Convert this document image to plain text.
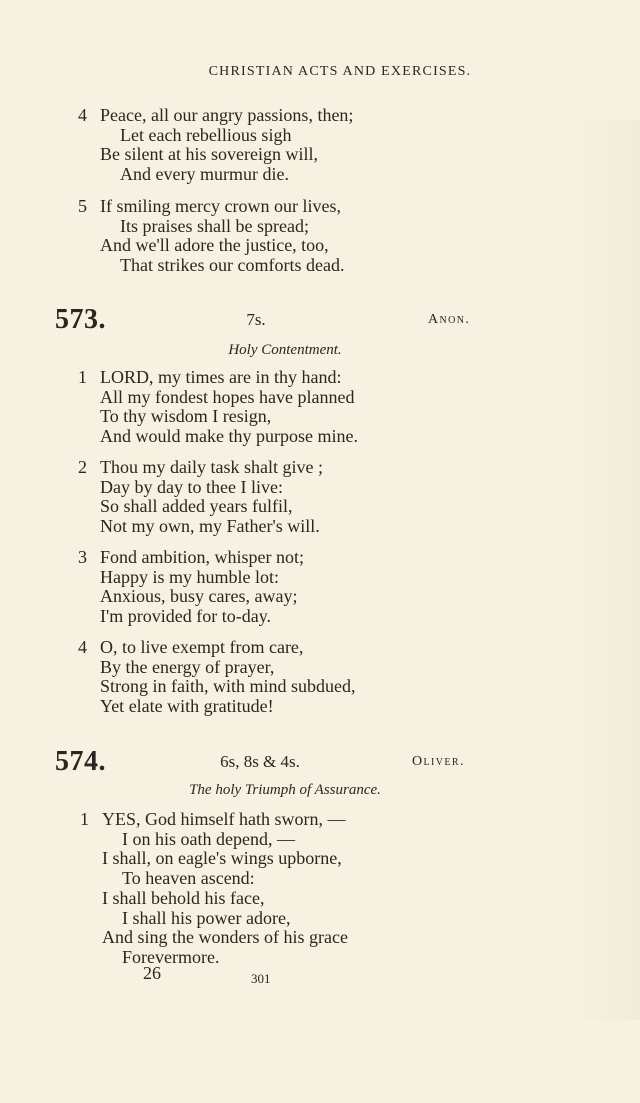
CHRISTIAN ACTS AND EXERCISES.
4 Peace, all our angry passions, then;
Let each rebellious sigh
Be silent at his sovereign will,
And every murmur die.
5 If smiling mercy crown our lives,
Its praises shall be spread;
And we'll adore the justice, too,
That strikes our comforts dead.
573.	7s.	Anon.
Holy Contentment.
1 LORD, my times are in thy hand:
All my fondest hopes have planned
To thy wisdom I resign,
And would make thy purpose mine.
2 Thou my daily task shalt give ;
Day by day to thee I live:
So shall added years fulfil,
Not my own, my Father's will.
3 Fond ambition, whisper not;
Happy is my humble lot:
Anxious, busy cares, away;
I'm provided for to-day.
4 O, to live exempt from care,
By the energy of prayer,
Strong in faith, with mind subdued,
Yet elate with gratitude!
574.	6s, 8s & 4s.	Oliver.
The holy Triumph of Assurance.
1 YES, God himself hath sworn, —
I on his oath depend, —
I shall, on eagle's wings upborne,
To heaven ascend:
I shall behold his face,
I shall his power adore,
And sing the wonders of his grace
Forevermore.
26	301
